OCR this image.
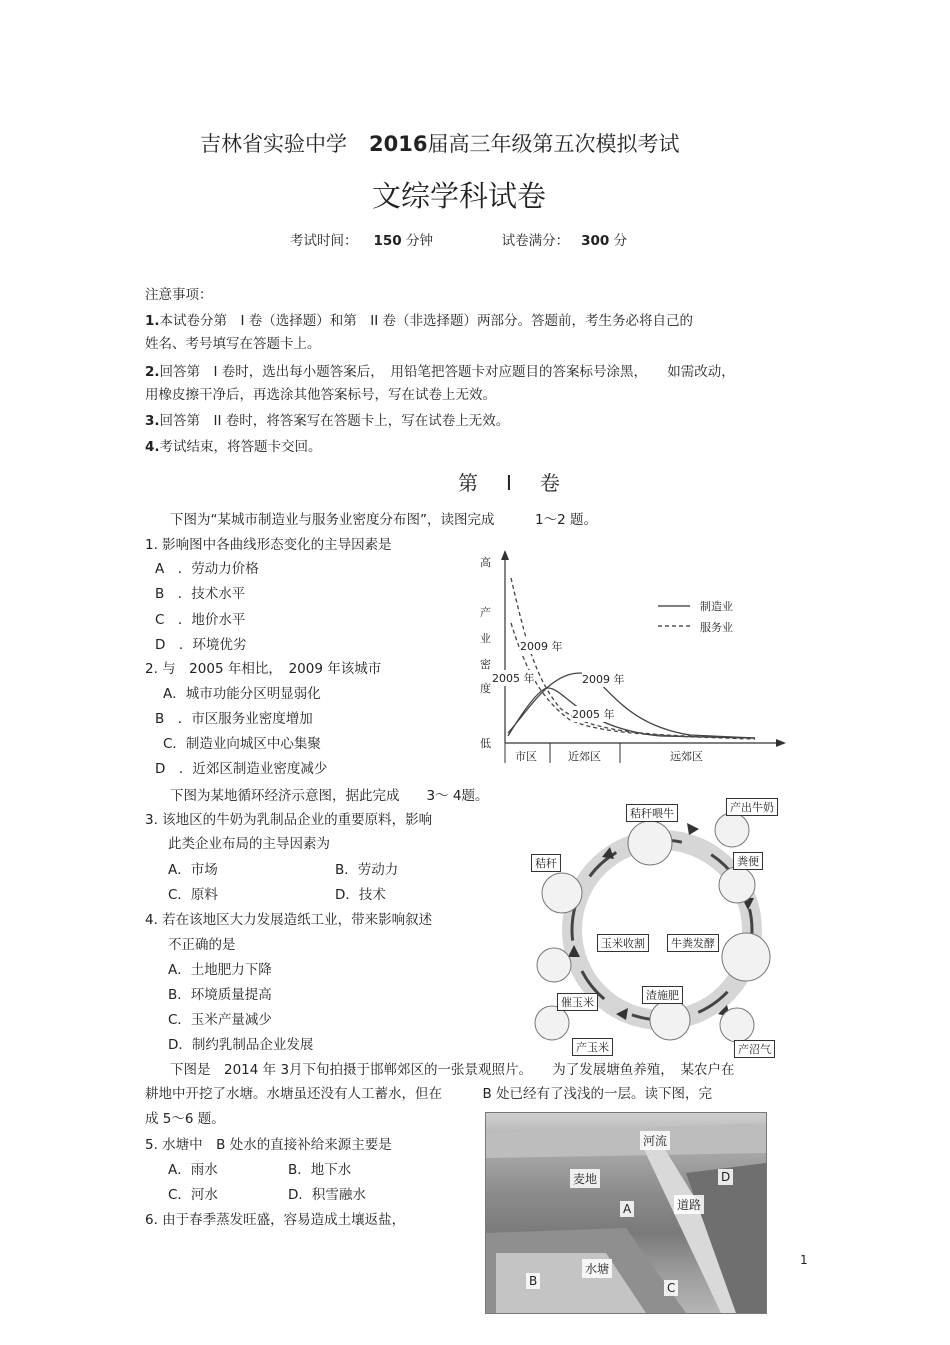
吉林省实验中学 2016届高三年级第五次模拟考试
文综学科试卷
考试时间： 150 分钟	试卷满分： 300 分
注意事项：
1.本试卷分第　I 卷（选择题）和第　II 卷（非选择题）两部分。答题前，考生务必将自己的
姓名、考号填写在答题卡上。
2.回答第　I 卷时，选出每小题答案后，　用铅笔把答题卡对应题目的答案标号涂黑，　　如需改动，
用橡皮擦干净后，再选涂其他答案标号，写在试卷上无效。
3.回答第　II 卷时，将答案写在答题卡上，写在试卷上无效。
4.考试结束，将答题卡交回。
第　I　卷
下图为“某城市制造业与服务业密度分布图”，读图完成　　　1～2 题。
1. 影响图中各曲线形态变化的主导因素是
A　．劳动力价格
B　．技术水平
C　．地价水平
D　．环境优劣
2. 与　2005 年相比，　2009 年该城市
A．城市功能分区明显弱化
B　．市区服务业密度增加
C．制造业向城区中心集聚
D　．近郊区制造业密度减少
高
产
业
密
度
低
市区	近郊区	远郊区
制造业
服务业
2009 年
2005 年	2009 年
2005 年
下图为某地循环经济示意图，据此完成　　3～ 4题。
3. 该地区的牛奶为乳制品企业的重要原料，影响
此类企业布局的主导因素为
A．市场	B．劳动力
C．原料	D．技术
4. 若在该地区大力发展造纸工业，带来影响叙述
不正确的是
A．土地肥力下降
B．环境质量提高
C．玉米产量减少
D．制约乳制品企业发展
秸秆喂牛	产出牛奶
粪便
牛粪发酵
产沼气
渣施肥
产玉米
催玉米
玉米收割
秸秆
下图是　2014 年 3月下旬拍摄于邯郸郊区的一张景观照片。　　为了发展塘鱼养殖，　某农户在
耕地中开挖了水塘。水塘虽还没有人工蓄水，但在　　　B 处已经有了浅浅的一层。读下图，完
成 5～6 题。
5. 水塘中　B 处水的直接补给来源主要是
A．雨水	B．地下水
C．河水	D．积雪融水
6. 由于春季蒸发旺盛，容易造成土壤返盐，
河流
麦地	D
道路
A
水塘
B	C
1
